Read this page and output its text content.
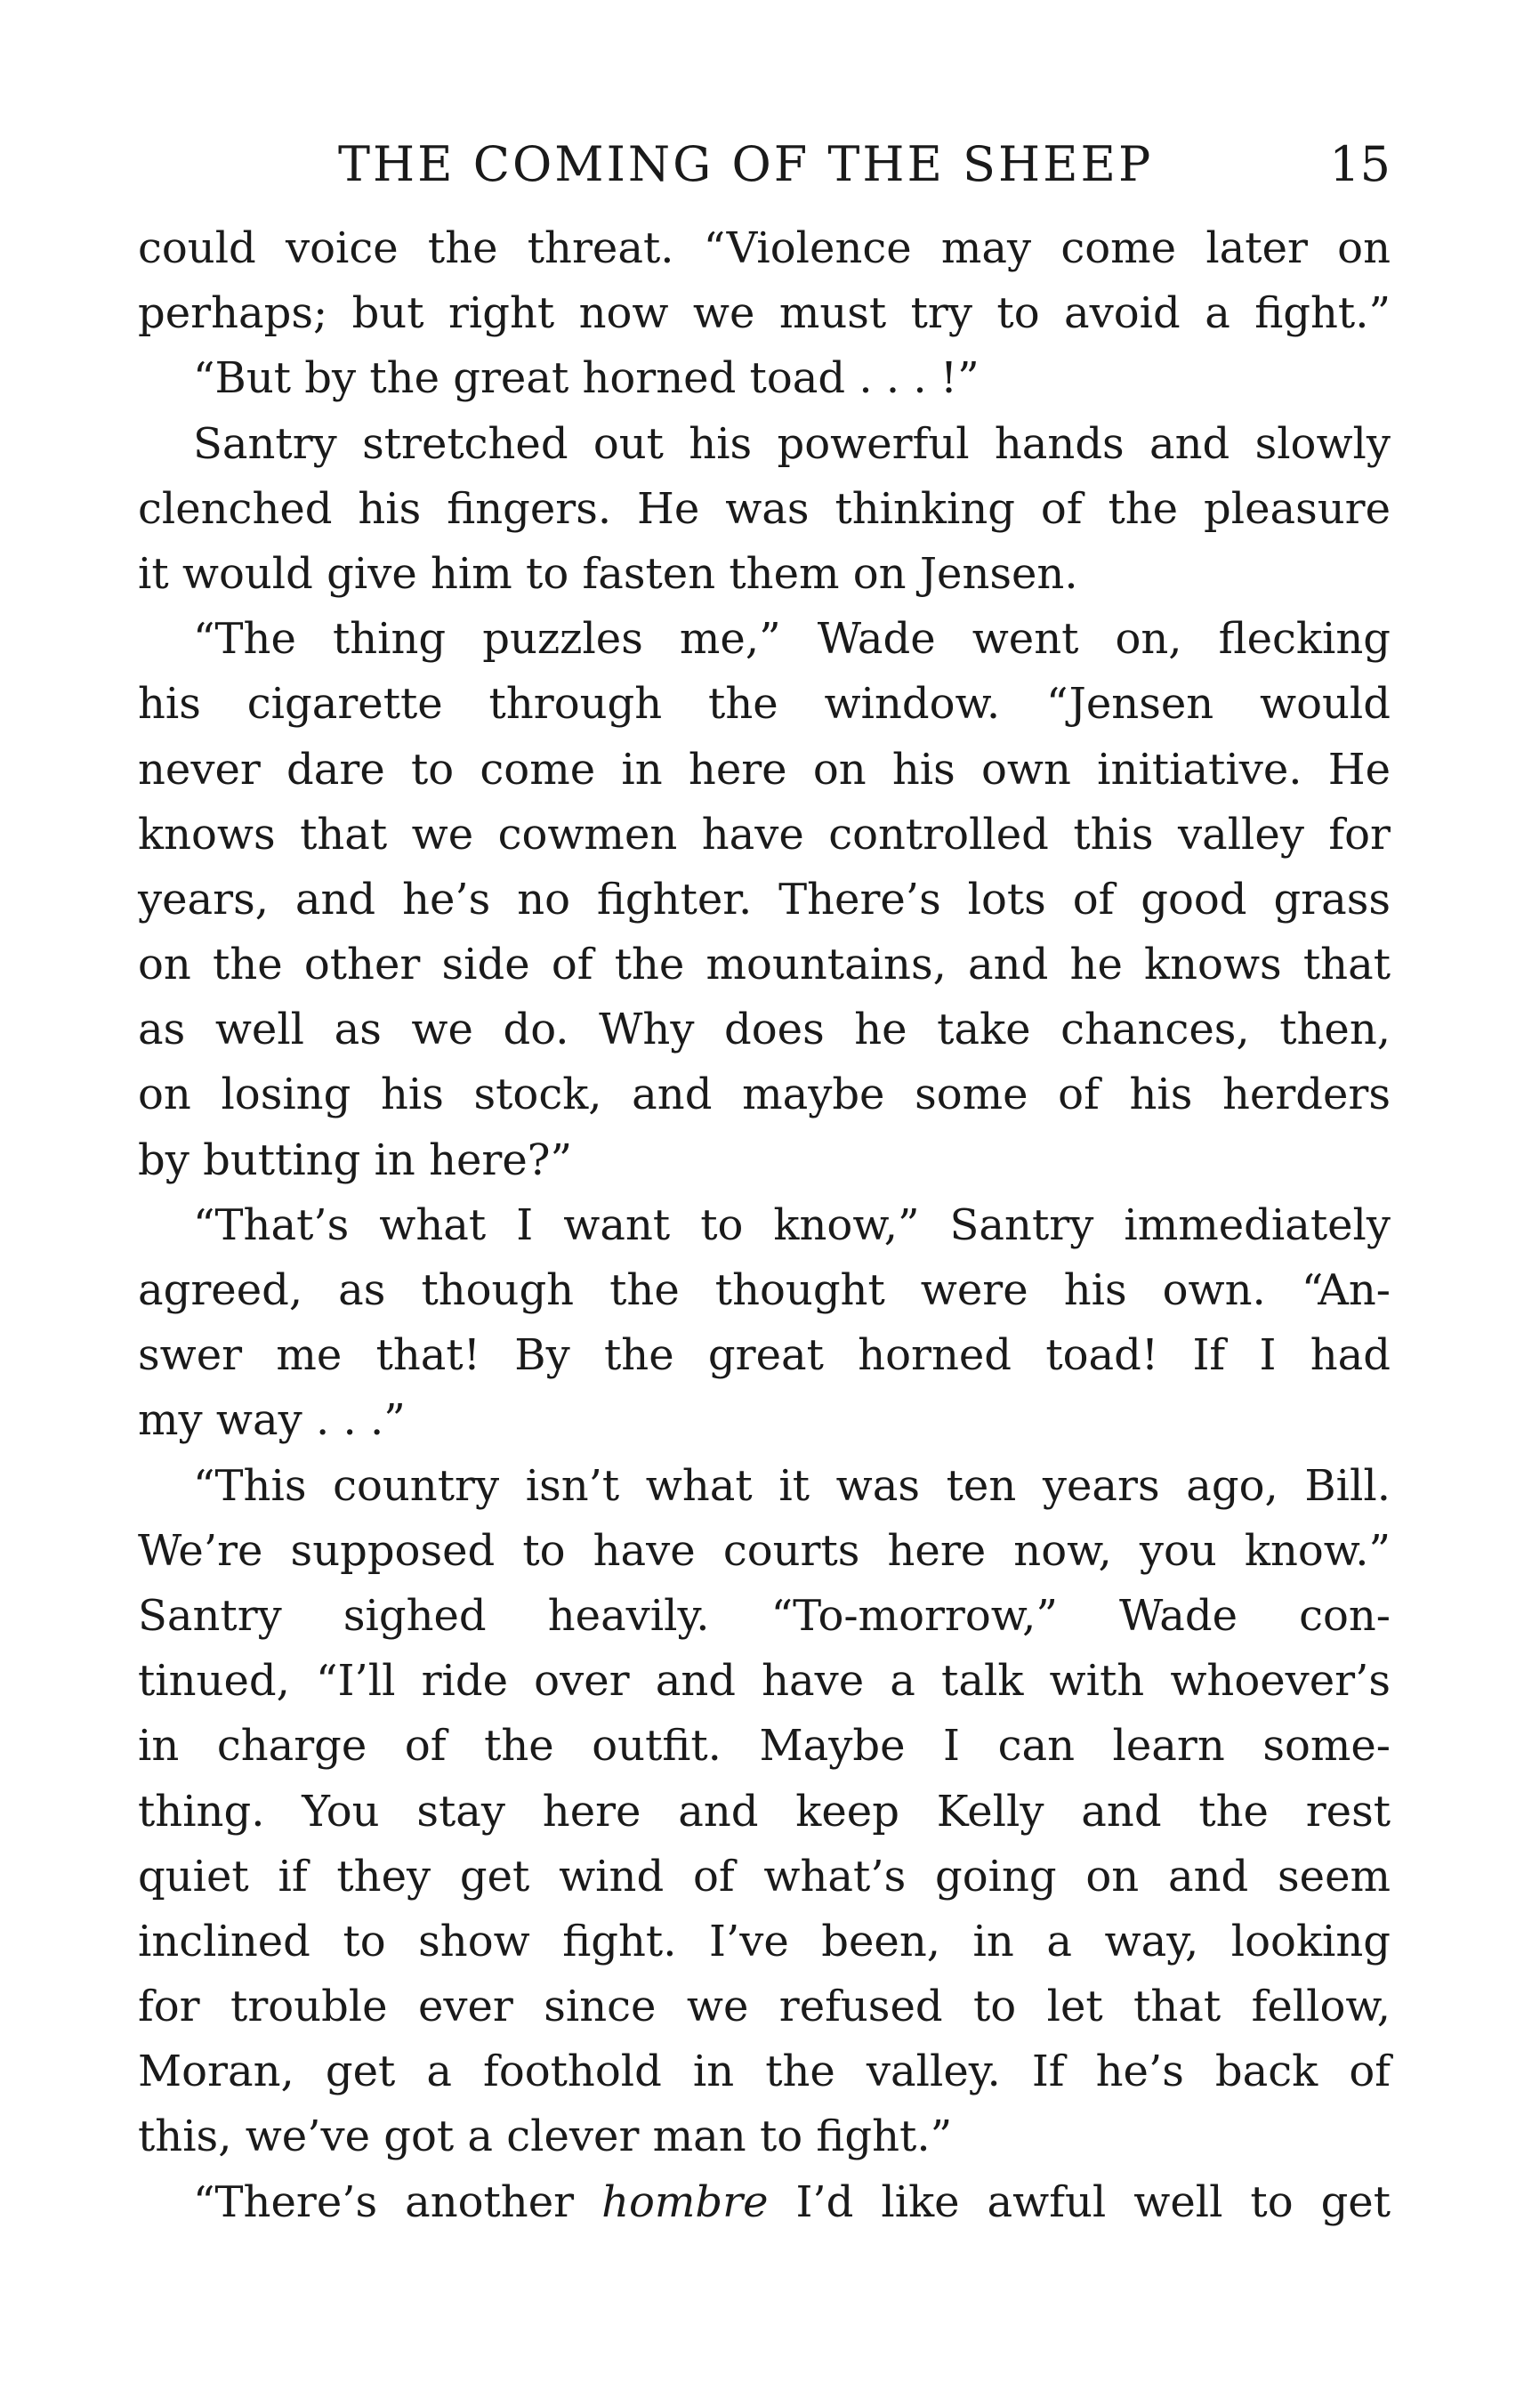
THE COMING OF THE SHEEP	15
could voice the threat. “Violence may come later on
perhaps; but right now we must try to avoid a fight.”
“But by the great horned toad . . . !”
Santry stretched out his powerful hands and slowly
clenched his fingers. He was thinking of the pleasure
it would give him to fasten them on Jensen.
“The thing puzzles me,” Wade went on, flecking
his cigarette through the window. “Jensen would
never dare to come in here on his own initiative. He
knows that we cowmen have controlled this valley for
years, and he’s no fighter. There’s lots of good grass
on the other side of the mountains, and he knows that
as well as we do. Why does he take chances, then,
on losing his stock, and maybe some of his herders
by butting in here?”
“That’s what I want to know,” Santry immediately
agreed, as though the thought were his own. “An-
swer me that! By the great horned toad! If I had
my way . . .”
“This country isn’t what it was ten years ago, Bill.
We’re supposed to have courts here now, you know.”
Santry sighed heavily. “To-morrow,” Wade con-
tinued, “I’ll ride over and have a talk with whoever’s
in charge of the outfit. Maybe I can learn some-
thing. You stay here and keep Kelly and the rest
quiet if they get wind of what’s going on and seem
inclined to show fight. I’ve been, in a way, looking
for trouble ever since we refused to let that fellow,
Moran, get a foothold in the valley. If he’s back of
this, we’ve got a clever man to fight.”
“There’s another hombre I’d like awful well to get
